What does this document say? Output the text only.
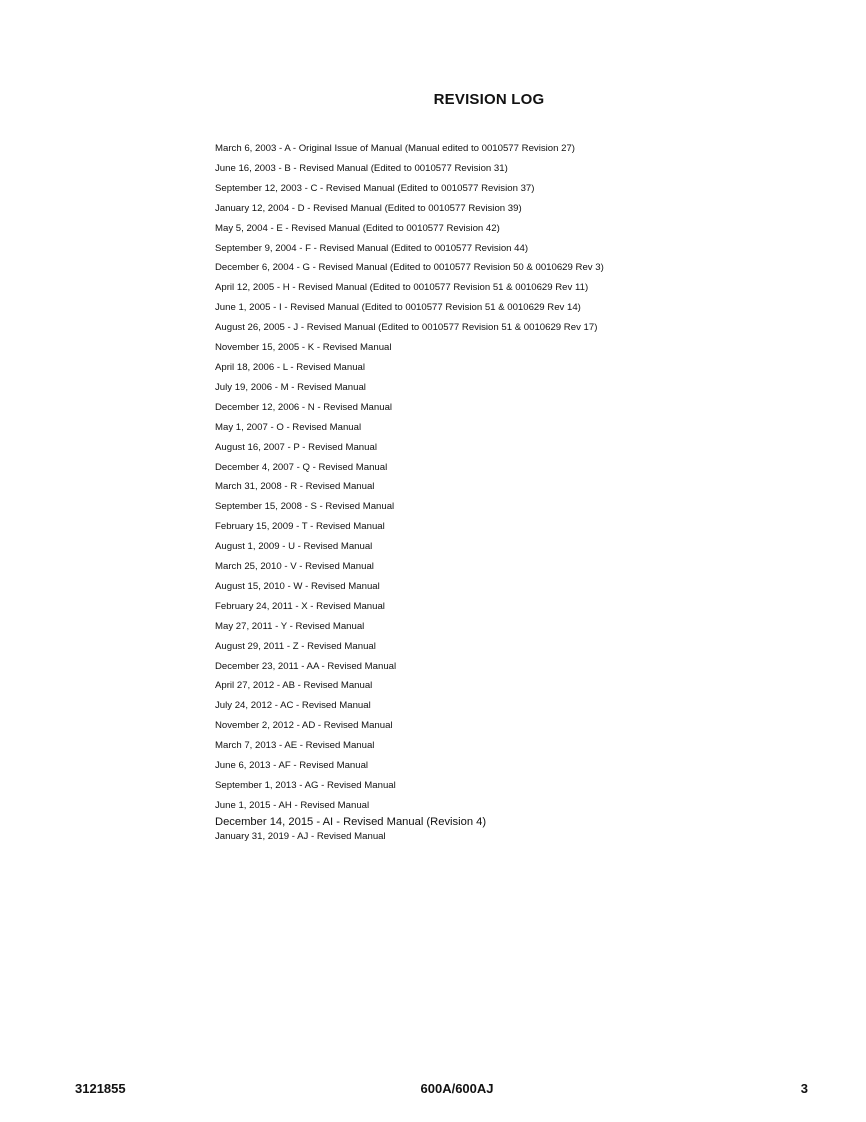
REVISION LOG
March 6, 2003 - A - Original Issue of Manual (Manual edited to 0010577 Revision 27)
June 16, 2003 - B - Revised Manual (Edited to 0010577 Revision 31)
September 12, 2003 - C - Revised Manual (Edited to 0010577 Revision 37)
January 12, 2004 - D - Revised Manual (Edited to 0010577 Revision 39)
May 5, 2004 - E - Revised Manual (Edited to 0010577 Revision 42)
September 9, 2004 - F - Revised Manual (Edited to 0010577 Revision 44)
December 6, 2004 - G - Revised Manual (Edited to 0010577 Revision 50 & 0010629 Rev 3)
April 12, 2005 - H - Revised Manual (Edited to 0010577 Revision 51 & 0010629 Rev 11)
June 1, 2005 - I - Revised Manual (Edited to 0010577 Revision 51 & 0010629 Rev 14)
August 26, 2005 - J - Revised Manual (Edited to 0010577 Revision 51 & 0010629 Rev 17)
November 15, 2005 - K - Revised Manual
April 18, 2006 - L - Revised Manual
July 19, 2006 - M - Revised Manual
December 12, 2006 - N - Revised Manual
May 1, 2007 - O - Revised Manual
August 16, 2007 - P - Revised Manual
December 4, 2007 - Q - Revised Manual
March 31, 2008 - R - Revised Manual
September 15, 2008 - S - Revised Manual
February 15, 2009 - T - Revised Manual
August 1, 2009 - U - Revised Manual
March 25, 2010 - V - Revised Manual
August 15, 2010 - W - Revised Manual
February 24, 2011 - X - Revised Manual
May 27, 2011 - Y - Revised Manual
August 29, 2011 - Z - Revised Manual
December 23, 2011 - AA - Revised Manual
April 27, 2012 - AB - Revised Manual
July 24, 2012 - AC - Revised Manual
November 2, 2012 - AD - Revised Manual
March 7, 2013 - AE - Revised Manual
June 6, 2013 - AF - Revised Manual
September 1, 2013 - AG - Revised Manual
June 1, 2015 - AH - Revised Manual
December 14, 2015 - AI - Revised Manual (Revision 4)
January 31, 2019 - AJ - Revised Manual
3121855	600A/600AJ	3
